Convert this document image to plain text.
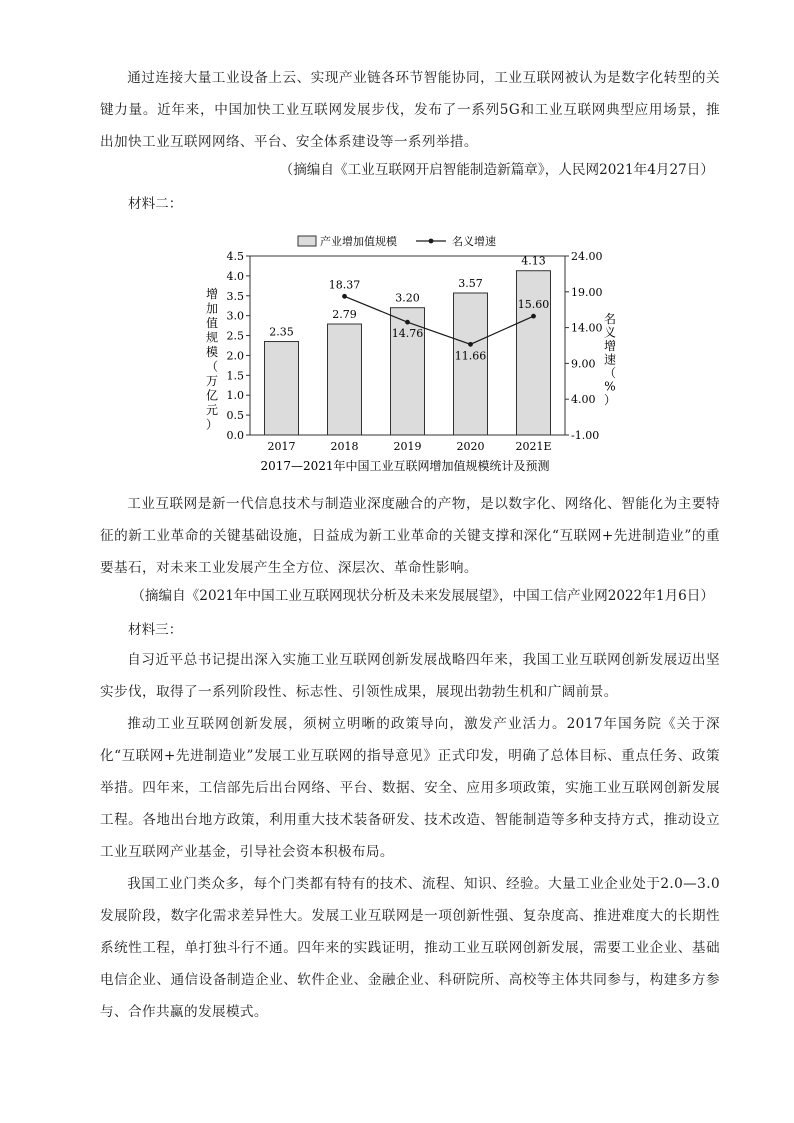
通过连接大量工业设备上云、实现产业链各环节智能协同，工业互联网被认为是数字化转型的关键力量。近年来，中国加快工业互联网发展步伐，发布了一系列5G和工业互联网典型应用场景，推出加快工业互联网网络、平台、安全体系建设等一系列举措。

（摘编自《工业互联网开启智能制造新篇章》，人民网2021年4月27日）

材料二：

0.0
0.5
1.0
1.5
2.0
2.5
3.0
3.5
4.0
4.5
-1.00
4.00
9.00
14.00
19.00
24.00
2.35
2.79
3.20
3.57
4.13
2017	2018	2019	2020	2021E
18.37
14.76
11.66
15.60
产业增加值规模	名义增速
增加值规模（万亿元）
名义增速（%）
2017—2021年中国工业互联网增加值规模统计及预测

工业互联网是新一代信息技术与制造业深度融合的产物，是以数字化、网络化、智能化为主要特征的新工业革命的关键基础设施，日益成为新工业革命的关键支撑和深化“互联网+先进制造业”的重要基石，对未来工业发展产生全方位、深层次、革命性影响。

（摘编自《2021年中国工业互联网现状分析及未来发展展望》，中国工信产业网2022年1月6日）

材料三：

自习近平总书记提出深入实施工业互联网创新发展战略四年来，我国工业互联网创新发展迈出坚实步伐，取得了一系列阶段性、标志性、引领性成果，展现出勃勃生机和广阔前景。

推动工业互联网创新发展，须树立明晰的政策导向，激发产业活力。2017年国务院《关于深化“互联网+先进制造业”发展工业互联网的指导意见》正式印发，明确了总体目标、重点任务、政策举措。四年来，工信部先后出台网络、平台、数据、安全、应用多项政策，实施工业互联网创新发展工程。各地出台地方政策，利用重大技术装备研发、技术改造、智能制造等多种支持方式，推动设立工业互联网产业基金，引导社会资本积极布局。

我国工业门类众多，每个门类都有特有的技术、流程、知识、经验。大量工业企业处于2.0—3.0发展阶段，数字化需求差异性大。发展工业互联网是一项创新性强、复杂度高、推进难度大的长期性系统性工程，单打独斗行不通。四年来的实践证明，推动工业互联网创新发展，需要工业企业、基础电信企业、通信设备制造企业、软件企业、金融企业、科研院所、高校等主体共同参与，构建多方参与、合作共赢的发展模式。
